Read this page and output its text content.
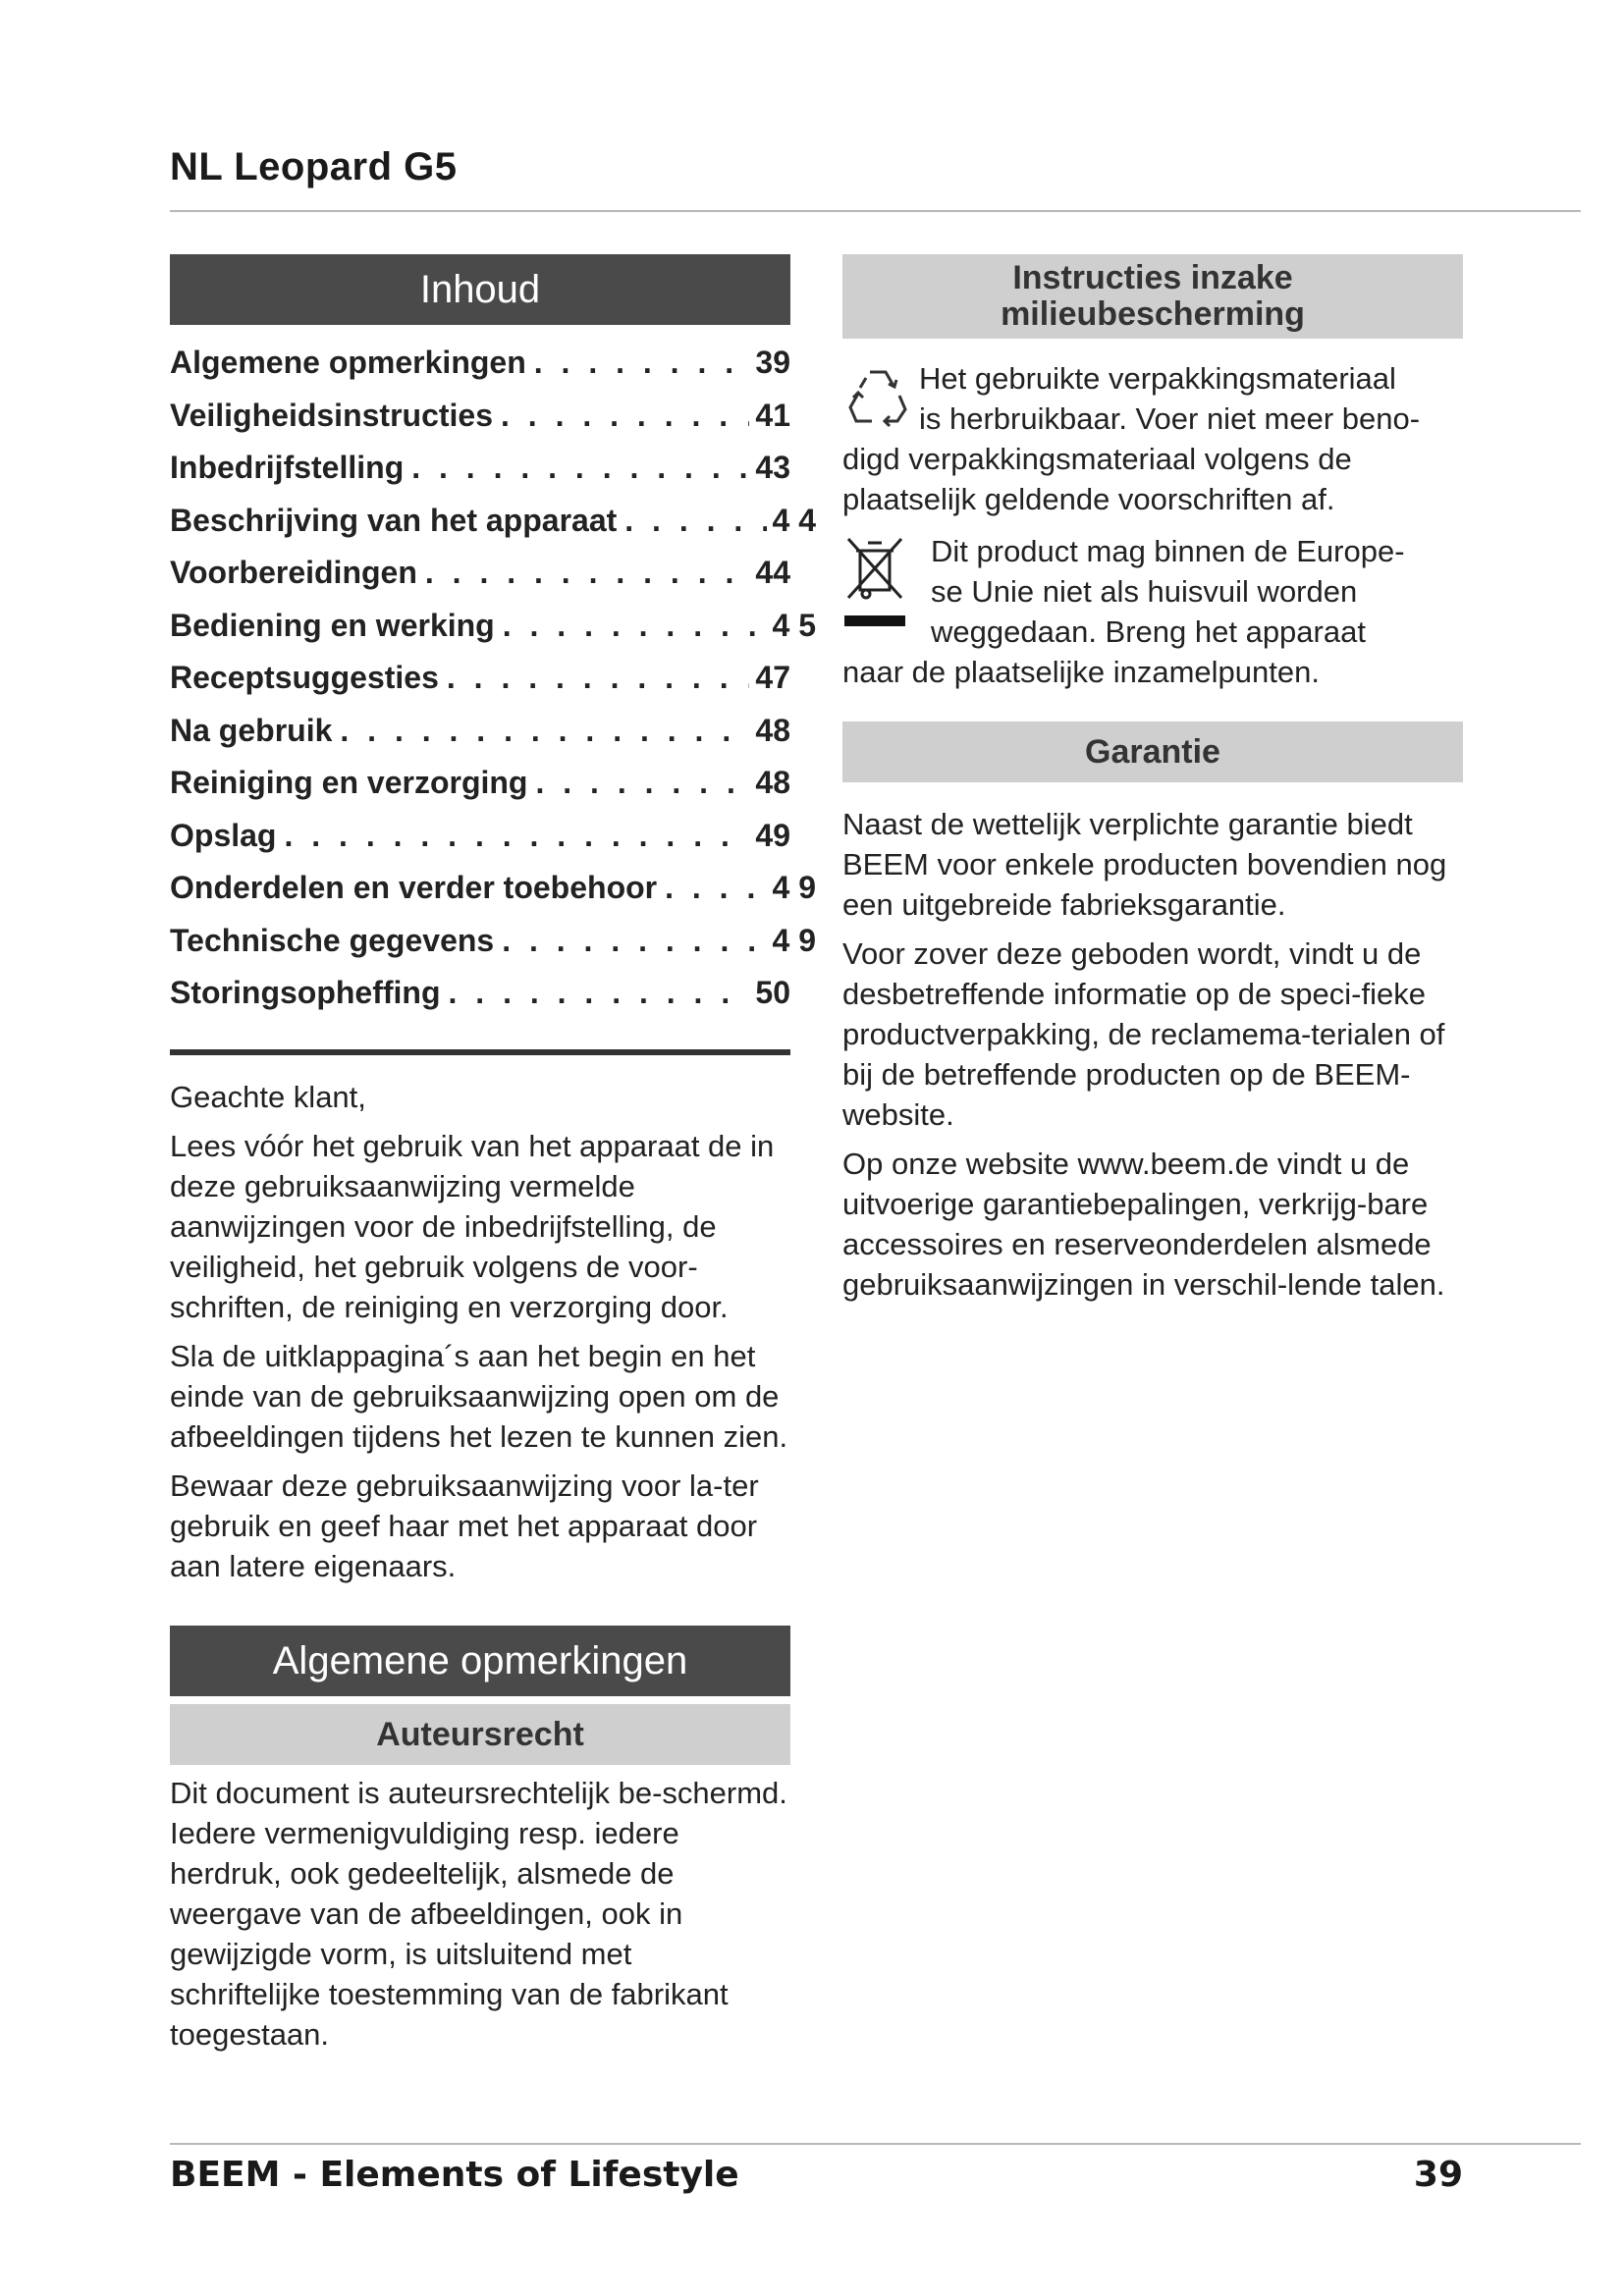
NL Leopard G5
Inhoud
Algemene opmerkingen . . .	39
Veiligheidsinstructies . . .	41
Inbedrijfstelling . . .	43
Beschrijving van het apparaat . . .	4 4
Voorbereidingen . . .	44
Bediening en werking . . .	4 5
Receptsuggesties . . .	47
Na gebruik . . .	48
Reiniging en verzorging . . .	48
Opslag . . .	49
Onderdelen en verder toebehoor . . .	4 9
Technische gegevens . . .	4 9
Storingsopheffing . . .	50

Geachte klant,

Lees vóór het gebruik van het apparaat de in deze gebruiksaanwijzing vermelde aanwijzingen voor de inbedrijfstelling, de veiligheid, het gebruik volgens de voor-schriften, de reiniging en verzorging door.

Sla de uitklappagina´s aan het begin en het einde van de gebruiksaanwijzing open om de afbeeldingen tijdens het lezen te kunnen zien.

Bewaar deze gebruiksaanwijzing voor la-ter gebruik en geef haar met het apparaat door aan latere eigenaars.

Algemene opmerkingen
Auteursrecht

Dit document is auteursrechtelijk be-schermd. Iedere vermenigvuldiging resp. iedere herdruk, ook gedeeltelijk, alsmede de weergave van de afbeeldingen, ook in gewijzigde vorm, is uitsluitend met schriftelijke toestemming van de fabrikant toegestaan.

Instructies inzake
milieubescherming

Het gebruikte verpakkingsmateriaal

is herbruikbaar. Voer niet meer beno-

digd verpakkingsmateriaal volgens de

plaatselijk geldende voorschriften af.

Dit product mag binnen de Europe-

se Unie niet als huisvuil worden

weggedaan. Breng het apparaat

naar de plaatselijke inzamelpunten.

Garantie

Naast de wettelijk verplichte garantie biedt BEEM voor enkele producten bovendien nog een uitgebreide fabrieksgarantie.

Voor zover deze geboden wordt, vindt u de desbetreffende informatie op de speci-fieke productverpakking, de reclamema-terialen of bij de betreffende producten op de BEEM-website.

Op onze website www.beem.de vindt u de uitvoerige garantiebepalingen, verkrijg-bare accessoires en reserveonderdelen alsmede gebruiksaanwijzingen in verschil-lende talen.

BEEM - Elements of Lifestyle	39
